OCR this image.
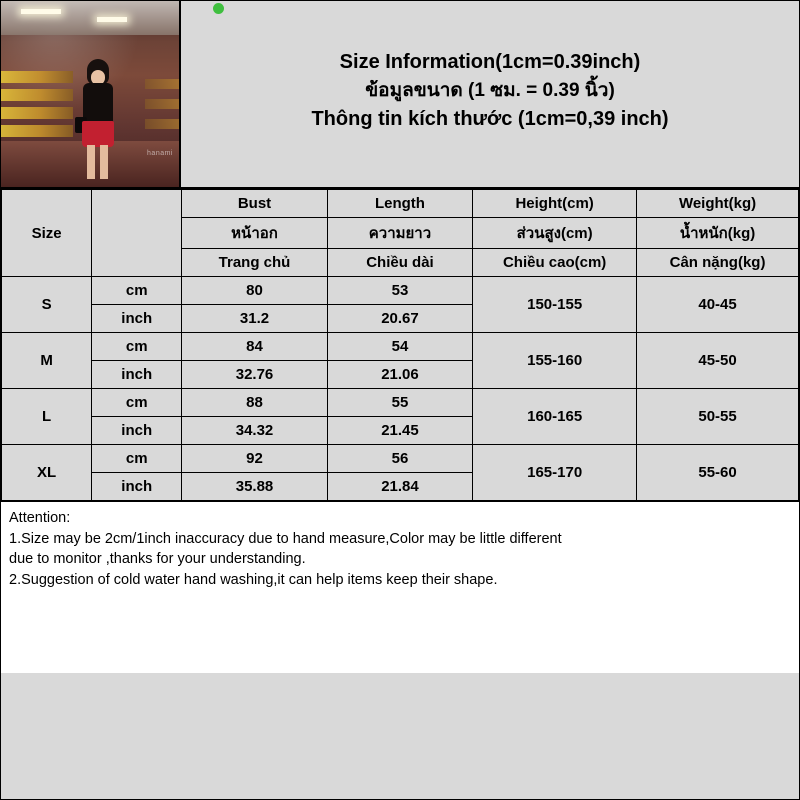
hanami
Size Information(1cm=0.39inch)
ข้อมูลขนาด (1 ซม. = 0.39 นิ้ว)
Thông tin kích thước (1cm=0,39 inch)
Size		Bust	Length	Height(cm)	Weight(kg)
		หน้าอก	ความยาว	ส่วนสูง(cm)	น้ำหนัก(kg)
		Trang chủ	Chiều dài	Chiều cao(cm)	Cân nặng(kg)
S	cm	80	53	150-155	40-45
	inch	31.2	20.67		
M	cm	84	54	155-160	45-50
	inch	32.76	21.06		
L	cm	88	55	160-165	50-55
	inch	34.32	21.45		
XL	cm	92	56	165-170	55-60
	inch	35.88	21.84		

Attention:

1.Size may be 2cm/1inch inaccuracy due to hand measure,Color may be little different

due to monitor ,thanks for your understanding.

2.Suggestion of cold water hand washing,it can help items keep their shape.
